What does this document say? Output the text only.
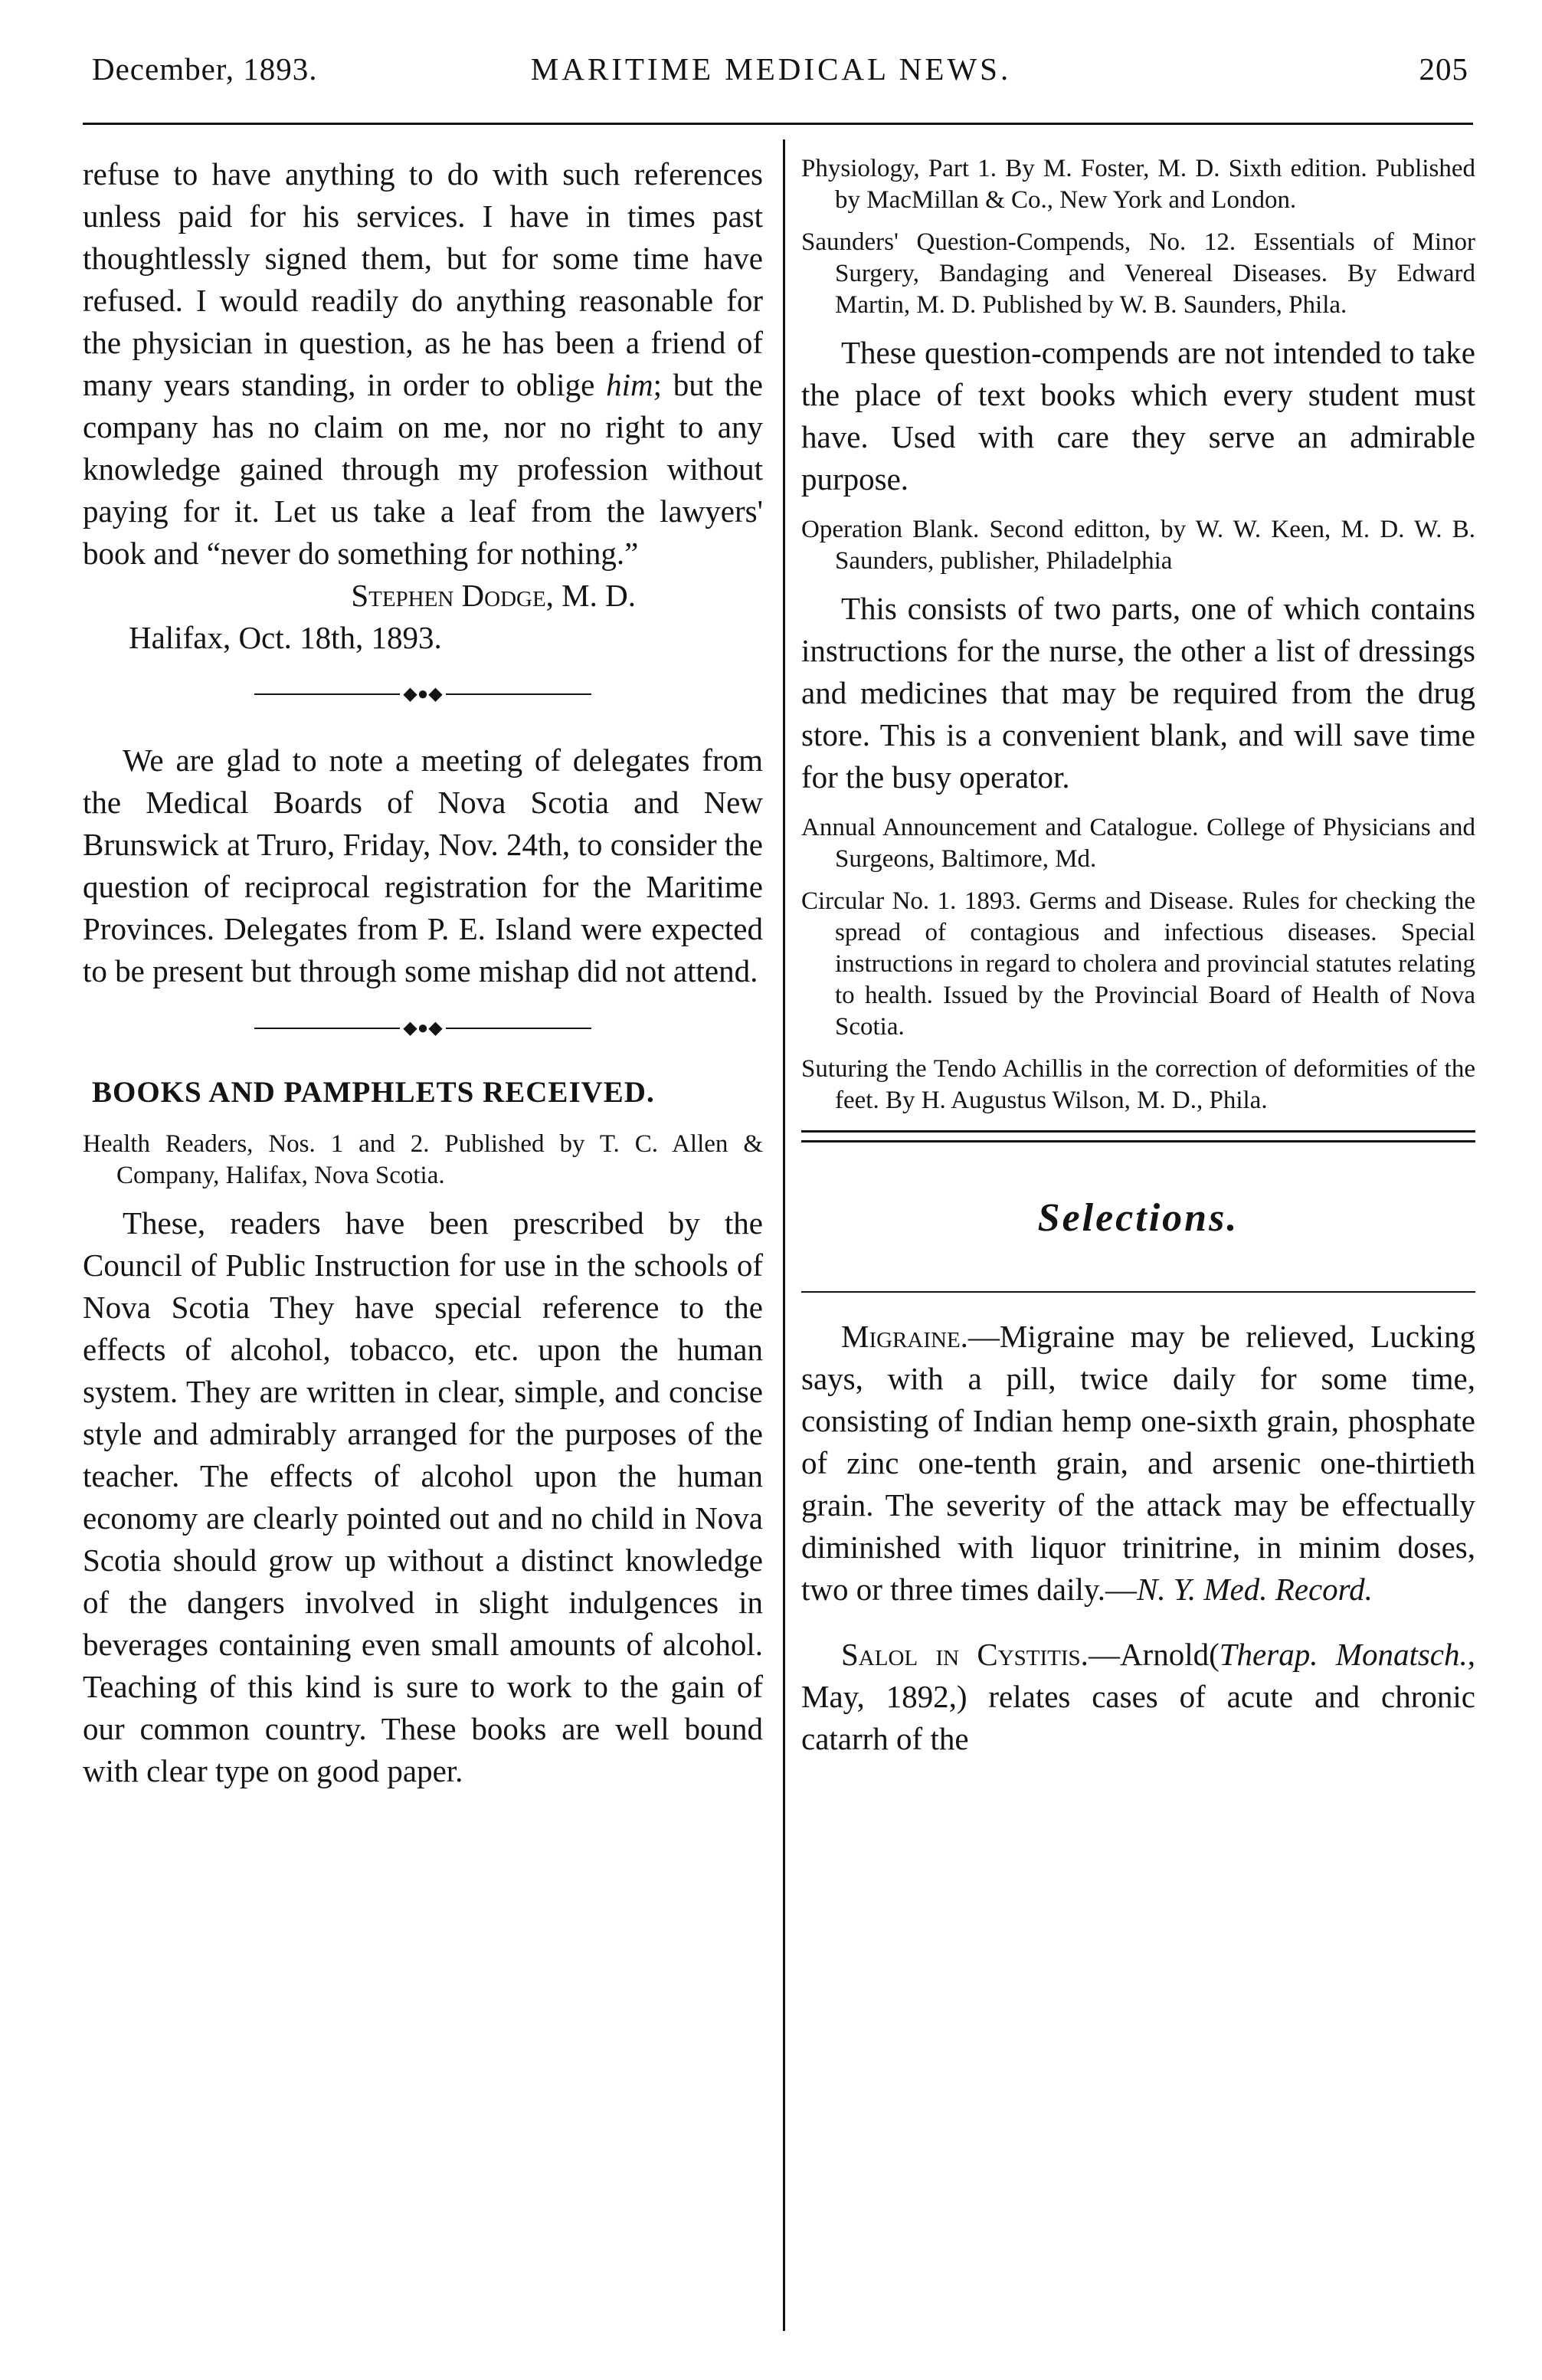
December, 1893.	MARITIME MEDICAL NEWS.	205

refuse to have anything to do with such references unless paid for his services. I have in times past thoughtlessly signed them, but for some time have refused. I would readily do anything reasonable for the physician in question, as he has been a friend of many years standing, in order to oblige him; but the company has no claim on me, nor no right to any knowledge gained through my profession without paying for it. Let us take a leaf from the lawyers' book and “never do something for nothing.”

Stephen Dodge, M. D.

Halifax, Oct. 18th, 1893.

◆●◆

We are glad to note a meeting of delegates from the Medical Boards of Nova Scotia and New Brunswick at Truro, Friday, Nov. 24th, to consider the question of reciprocal registration for the Maritime Provinces. Delegates from P. E. Island were expected to be present but through some mishap did not attend.

◆●◆
BOOKS AND PAMPHLETS RECEIVED.

Health Readers, Nos. 1 and 2. Published by T. C. Allen & Company, Halifax, Nova Scotia.

These, readers have been prescribed by the Council of Public Instruction for use in the schools of Nova Scotia They have special reference to the effects of alcohol, tobacco, etc. upon the human system. They are written in clear, simple, and concise style and admirably arranged for the purposes of the teacher. The effects of alcohol upon the human economy are clearly pointed out and no child in Nova Scotia should grow up without a distinct knowledge of the dangers involved in slight indulgences in beverages containing even small amounts of alcohol. Teaching of this kind is sure to work to the gain of our common country. These books are well bound with clear type on good paper.

Physiology, Part 1. By M. Foster, M. D. Sixth edition. Published by MacMillan & Co., New York and London.

Saunders' Question-Compends, No. 12. Essentials of Minor Surgery, Bandaging and Venereal Diseases. By Edward Martin, M. D. Published by W. B. Saunders, Phila.

These question-compends are not intended to take the place of text books which every student must have. Used with care they serve an admirable purpose.

Operation Blank. Second editton, by W. W. Keen, M. D. W. B. Saunders, publisher, Philadelphia

This consists of two parts, one of which contains instructions for the nurse, the other a list of dressings and medicines that may be required from the drug store. This is a convenient blank, and will save time for the busy operator.

Annual Announcement and Catalogue. College of Physicians and Surgeons, Baltimore, Md.

Circular No. 1. 1893. Germs and Disease. Rules for checking the spread of contagious and infectious diseases. Special instructions in regard to cholera and provincial statutes relating to health. Issued by the Provincial Board of Health of Nova Scotia.

Suturing the Tendo Achillis in the correction of deformities of the feet. By H. Augustus Wilson, M. D., Phila.

Selections.

Migraine.—Migraine may be relieved, Lucking says, with a pill, twice daily for some time, consisting of Indian hemp one-sixth grain, phosphate of zinc one-tenth grain, and arsenic one-thirtieth grain. The severity of the attack may be effectually diminished with liquor trinitrine, in minim doses, two or three times daily.—N. Y. Med. Record.

Salol in Cystitis.—Arnold(Therap. Monatsch., May, 1892,) relates cases of acute and chronic catarrh of the
